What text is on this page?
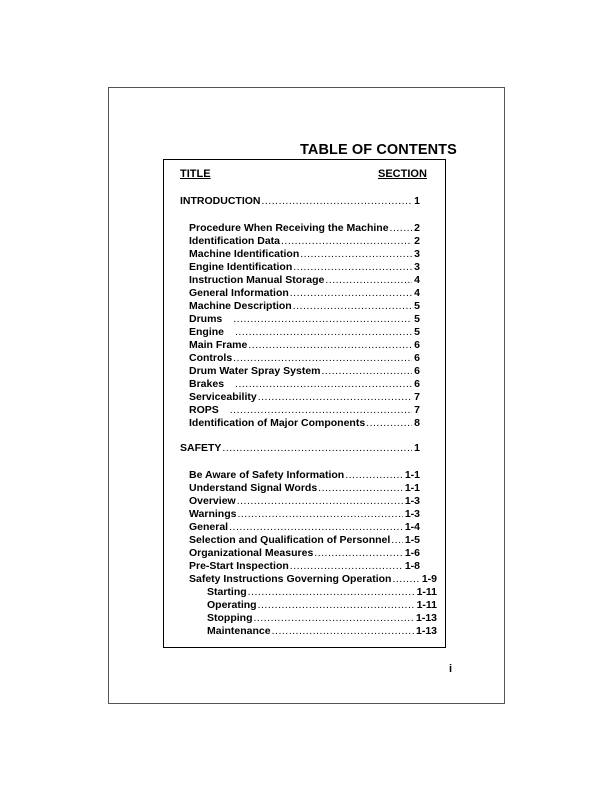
TABLE OF CONTENTS
TITLE	SECTION
INTRODUCTION .....	1
Procedure When Receiving the Machine ..... 2
Identification Data .....	2
Machine Identification .....	3
Engine Identification .....	3
Instruction Manual Storage .....	4
General Information .....	4
Machine Description .....	5
Drums .....	5
Engine .....	5
Main Frame .....	6
Controls .....	6
Drum Water Spray System .....	6
Brakes .....	6
Serviceability .....	7
ROPS .....	7
Identification of Major Components .....	8
SAFETY .....	1
Be Aware of Safety Information .....	1-1
Understand Signal Words .....	1-1
Overview .....	1-3
Warnings .....	1-3
General .....	1-4
Selection and Qualification of Personnel ..... 1-5
Organizational Measures .....	1-6
Pre-Start Inspection .....	1-8
Safety Instructions Governing Operation .....	1-9
Starting .....	1-11
Operating .....	1-11
Stopping .....	1-13
Maintenance .....	1-13
i
